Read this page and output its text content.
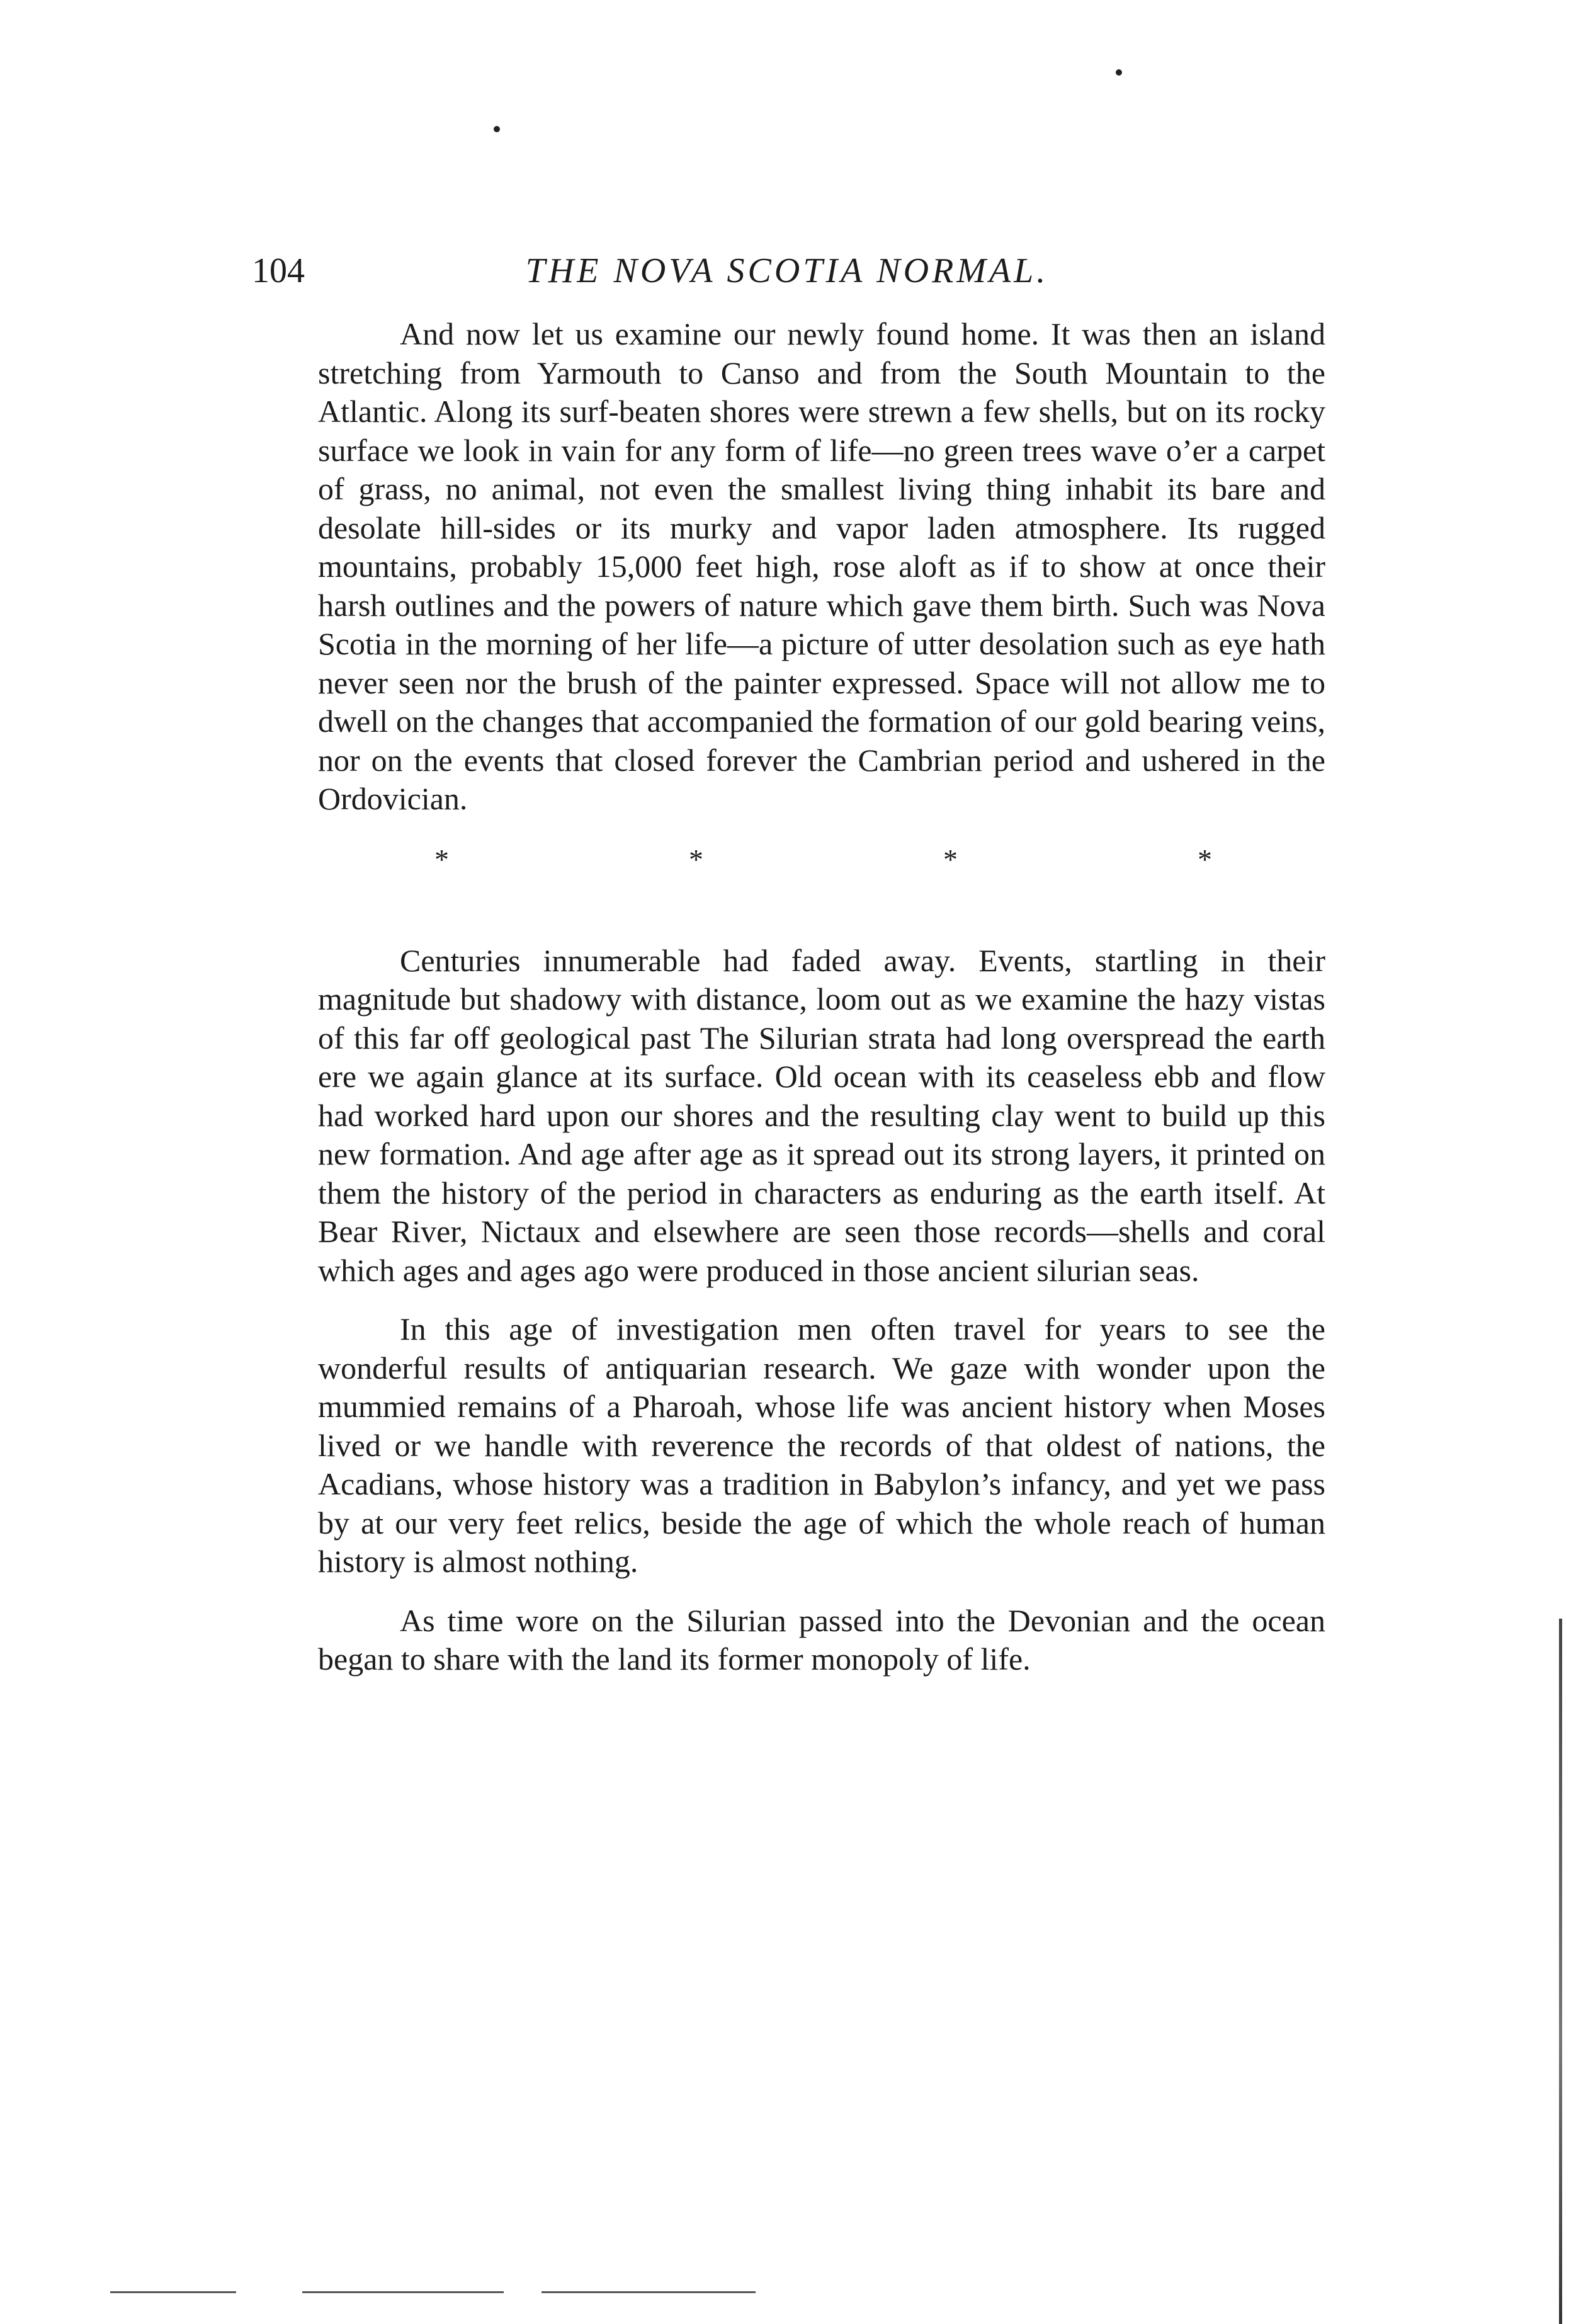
104	THE NOVA SCOTIA NORMAL.

And now let us examine our newly found home. It was then an island stretching from Yarmouth to Canso and from the South Mountain to the Atlantic. Along its surf-beaten shores were strewn a few shells, but on its rocky surface we look in vain for any form of life—no green trees wave o’er a carpet of grass, no animal, not even the smallest living thing inhabit its bare and desolate hill-sides or its murky and vapor laden atmosphere. Its rugged mountains, probably 15,000 feet high, rose aloft as if to show at once their harsh outlines and the powers of nature which gave them birth. Such was Nova Scotia in the morning of her life—a picture of utter desolation such as eye hath never seen nor the brush of the painter expressed. Space will not allow me to dwell on the changes that accompanied the formation of our gold bearing veins, nor on the events that closed forever the Cambrian period and ushered in the Ordovician.

*	*	*	*

Centuries innumerable had faded away. Events, startling in their magnitude but shadowy with distance, loom out as we examine the hazy vistas of this far off geological past The Silurian strata had long overspread the earth ere we again glance at its surface. Old ocean with its ceaseless ebb and flow had worked hard upon our shores and the resulting clay went to build up this new formation. And age after age as it spread out its strong layers, it printed on them the history of the period in characters as enduring as the earth itself. At Bear River, Nictaux and elsewhere are seen those records—shells and coral which ages and ages ago were produced in those ancient silurian seas.

In this age of investigation men often travel for years to see the wonderful results of antiquarian research. We gaze with wonder upon the mummied remains of a Pharoah, whose life was ancient history when Moses lived or we handle with reverence the records of that oldest of nations, the Acadians, whose history was a tradition in Babylon’s infancy, and yet we pass by at our very feet relics, beside the age of which the whole reach of human history is almost nothing.

As time wore on the Silurian passed into the Devonian and the ocean began to share with the land its former monopoly of life.
